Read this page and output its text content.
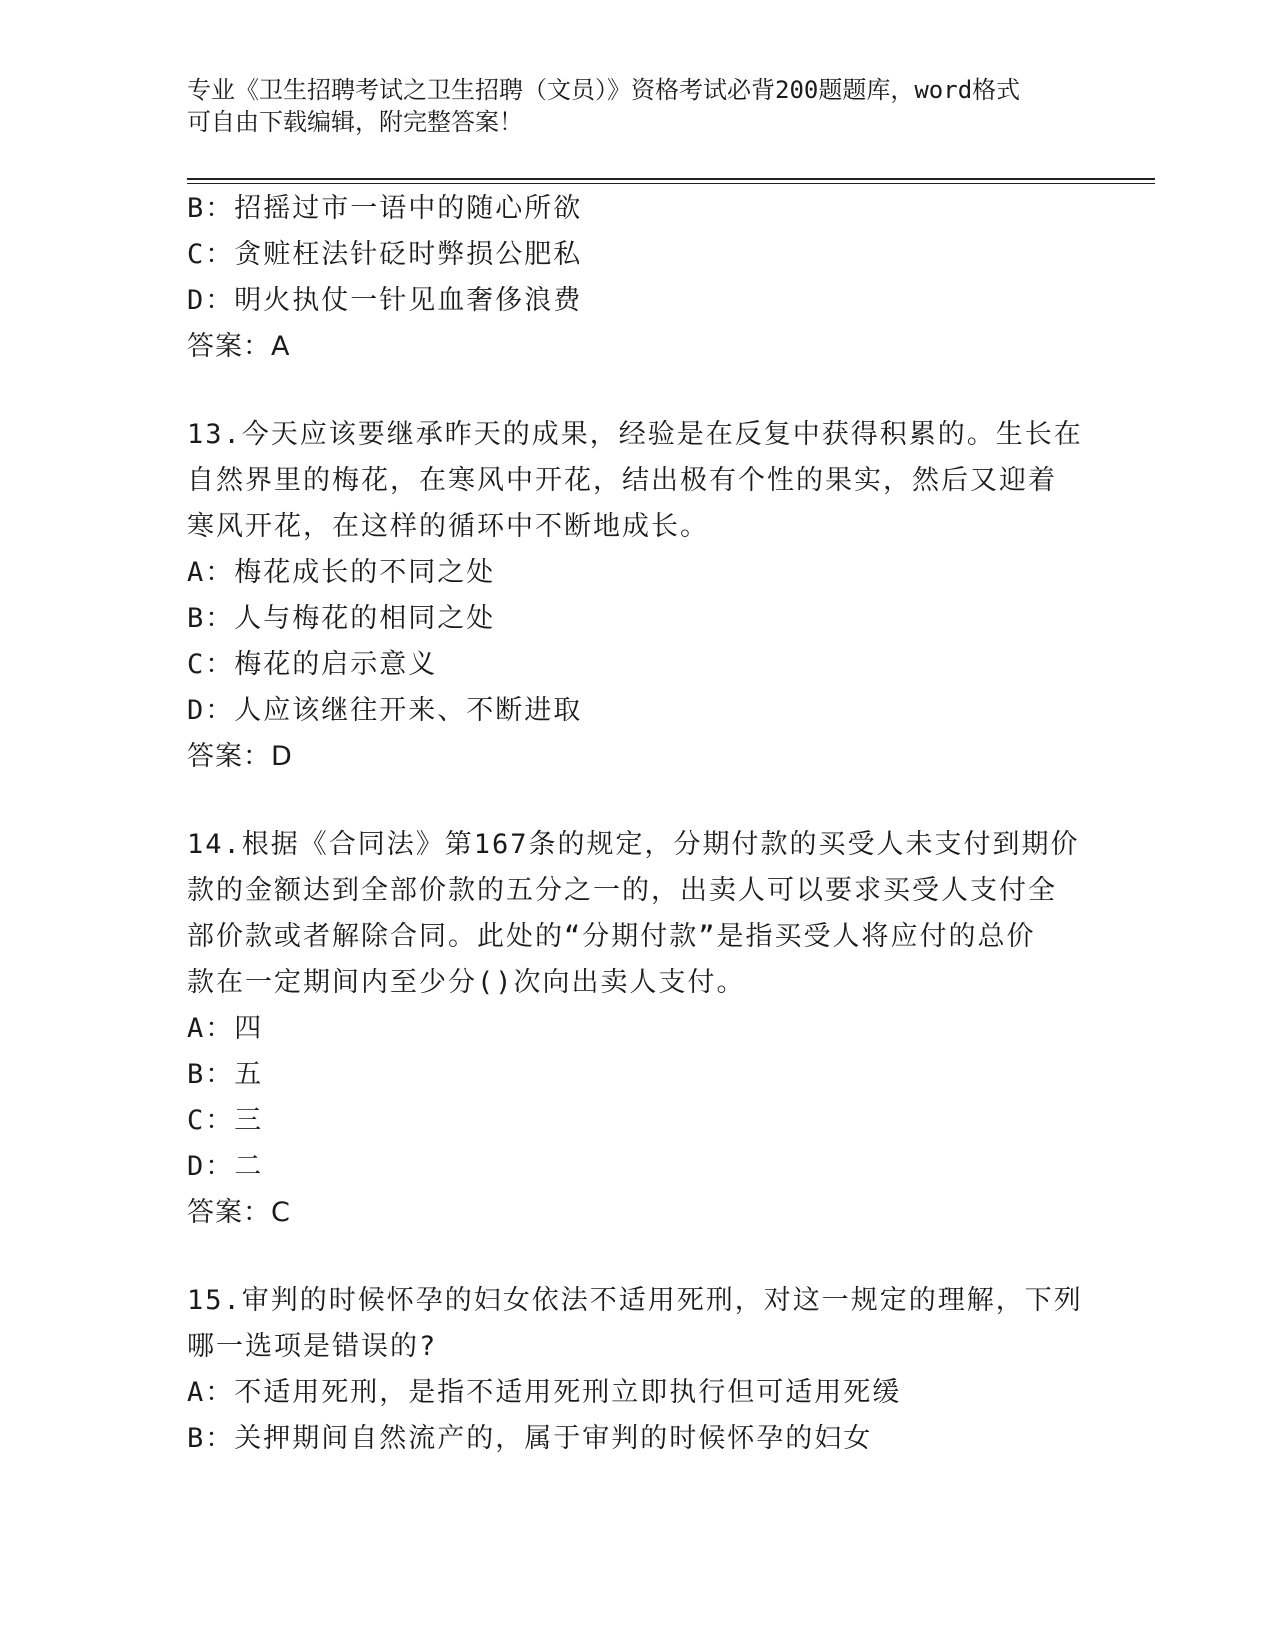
专业《卫生招聘考试之卫生招聘（文员）》资格考试必背200题题库，word格式
可自由下载编辑，附完整答案！
B：招摇过市一语中的随心所欲
C：贪赃枉法针砭时弊损公肥私
D：明火执仗一针见血奢侈浪费
答案：A
13.今天应该要继承昨天的成果，经验是在反复中获得积累的。生长在
自然界里的梅花，在寒风中开花，结出极有个性的果实，然后又迎着
寒风开花，在这样的循环中不断地成长。
A：梅花成长的不同之处
B：人与梅花的相同之处
C：梅花的启示意义
D：人应该继往开来、不断进取
答案：D
14.根据《合同法》第167条的规定，分期付款的买受人未支付到期价
款的金额达到全部价款的五分之一的，出卖人可以要求买受人支付全
部价款或者解除合同。此处的“分期付款”是指买受人将应付的总价
款在一定期间内至少分()次向出卖人支付。
A：四
B：五
C：三
D：二
答案：C
15.审判的时候怀孕的妇女依法不适用死刑，对这一规定的理解，下列
哪一选项是错误的?
A：不适用死刑，是指不适用死刑立即执行但可适用死缓
B：关押期间自然流产的，属于审判的时候怀孕的妇女
